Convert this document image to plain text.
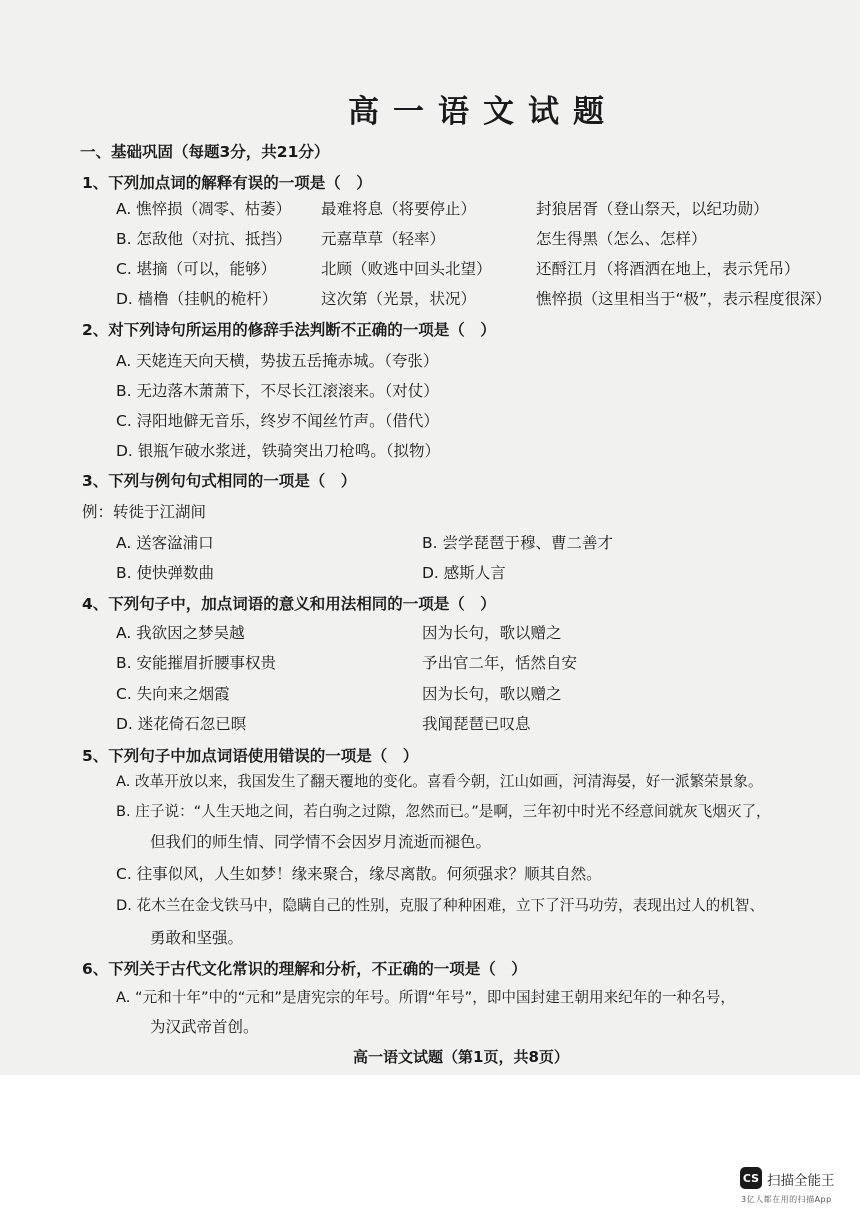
高一语文试题
一、基础巩固（每题3分，共21分）
1、下列加点词的解释有误的一项是（　）
A. 憔悴损（凋零、枯萎） 最难将息（将要停止）	封狼居胥（登山祭天，以纪功勋）
B. 怎敌他（对抗、抵挡） 元嘉草草（轻率）	怎生得黑（怎么、怎样）
C. 堪摘（可以，能够）	北顾（败逃中回头北望）	还酹江月（将酒洒在地上，表示凭吊）
D. 樯橹（挂帆的桅杆）	这次第（光景，状况）	憔悴损（这里相当于“极”，表示程度很深）
2、对下列诗句所运用的修辞手法判断不正确的一项是（　）
A. 天姥连天向天横，势拔五岳掩赤城。（夸张）
B. 无边落木萧萧下，不尽长江滚滚来。（对仗）
C. 浔阳地僻无音乐，终岁不闻丝竹声。（借代）
D. 银瓶乍破水浆迸，铁骑突出刀枪鸣。（拟物）
3、下列与例句句式相同的一项是（　）
例：转徙于江湖间
A. 送客湓浦口	B. 尝学琵琶于穆、曹二善才
B. 使快弹数曲	D. 感斯人言
4、下列句子中，加点词语的意义和用法相同的一项是（　）
A. 我欲因之梦吴越	因为长句，歌以赠之
B. 安能摧眉折腰事权贵	予出官二年，恬然自安
C. 失向来之烟霞	因为长句，歌以赠之
D. 迷花倚石忽已暝	我闻琵琶已叹息
5、下列句子中加点词语使用错误的一项是（　）
A. 改革开放以来，我国发生了翻天覆地的变化。喜看今朝，江山如画，河清海晏，好一派繁荣景象。
B. 庄子说：“人生天地之间，若白驹之过隙，忽然而已。”是啊，三年初中时光不经意间就灰飞烟灭了，
但我们的师生情、同学情不会因岁月流逝而褪色。
C. 往事似风，人生如梦！缘来聚合，缘尽离散。何须强求？顺其自然。
D. 花木兰在金戈铁马中，隐瞒自己的性别，克服了种种困难，立下了汗马功劳，表现出过人的机智、
勇敢和坚强。
6、下列关于古代文化常识的理解和分析，不正确的一项是（　）
A. “元和十年”中的“元和”是唐宪宗的年号。所谓“年号”，即中国封建王朝用来纪年的一种名号，
为汉武帝首创。
高一语文试题（第1页，共8页）
CS 扫描全能王
3亿人都在用的扫描App
